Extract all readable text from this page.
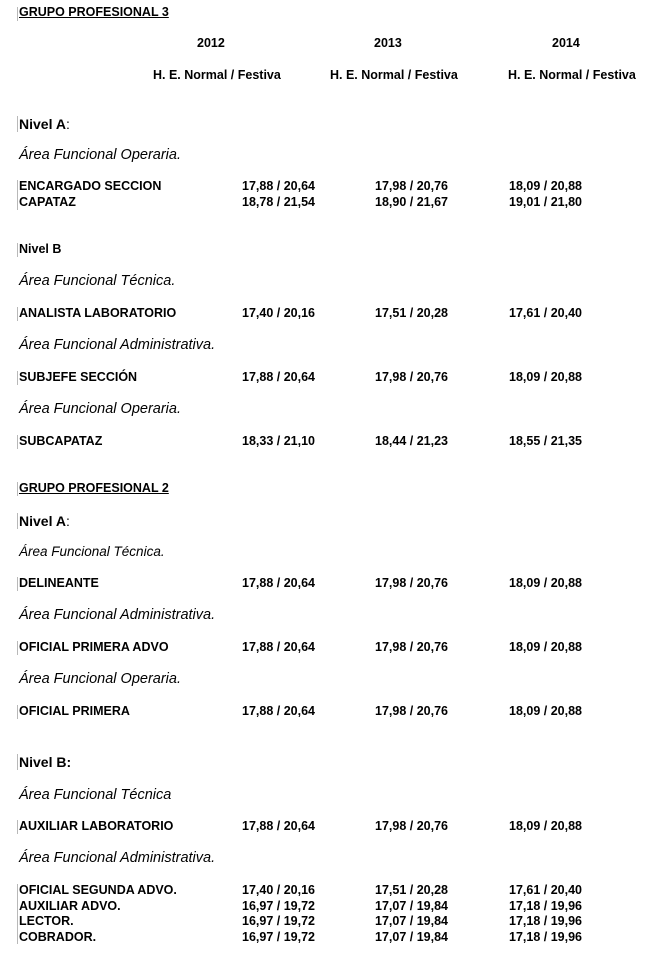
GRUPO PROFESIONAL 3
2012	2013	2014
H. E. Normal / Festiva	H. E. Normal / Festiva	H. E. Normal / Festiva
Nivel A:
Área Funcional Operaria.
ENCARGADO SECCION	17,88 / 20,64	17,98 / 20,76	18,09 / 20,88
CAPATAZ	18,78 / 21,54	18,90 / 21,67	19,01 / 21,80
Nivel B
Área Funcional Técnica.
ANALISTA LABORATORIO	17,40 / 20,16	17,51 / 20,28	17,61 / 20,40
Área Funcional Administrativa.
SUBJEFE SECCIÓN	17,88 / 20,64	17,98 / 20,76	18,09 / 20,88
Área Funcional Operaria.
SUBCAPATAZ	18,33 / 21,10	18,44 / 21,23	18,55 / 21,35
GRUPO PROFESIONAL 2
Nivel A:
Área Funcional Técnica.
DELINEANTE	17,88 / 20,64	17,98 / 20,76	18,09 / 20,88
Área Funcional Administrativa.
OFICIAL PRIMERA ADVO	17,88 / 20,64	17,98 / 20,76	18,09 / 20,88
Área Funcional Operaria.
OFICIAL PRIMERA	17,88 / 20,64	17,98 / 20,76	18,09 / 20,88
Nivel B:
Área Funcional Técnica
AUXILIAR LABORATORIO	17,88 / 20,64	17,98 / 20,76	18,09 / 20,88
Área Funcional Administrativa.
OFICIAL SEGUNDA ADVO.	17,40 / 20,16	17,51 / 20,28	17,61 / 20,40
AUXILIAR ADVO.	16,97 / 19,72	17,07 / 19,84	17,18 / 19,96
LECTOR.	16,97 / 19,72	17,07 / 19,84	17,18 / 19,96
COBRADOR.	16,97 / 19,72	17,07 / 19,84	17,18 / 19,96
